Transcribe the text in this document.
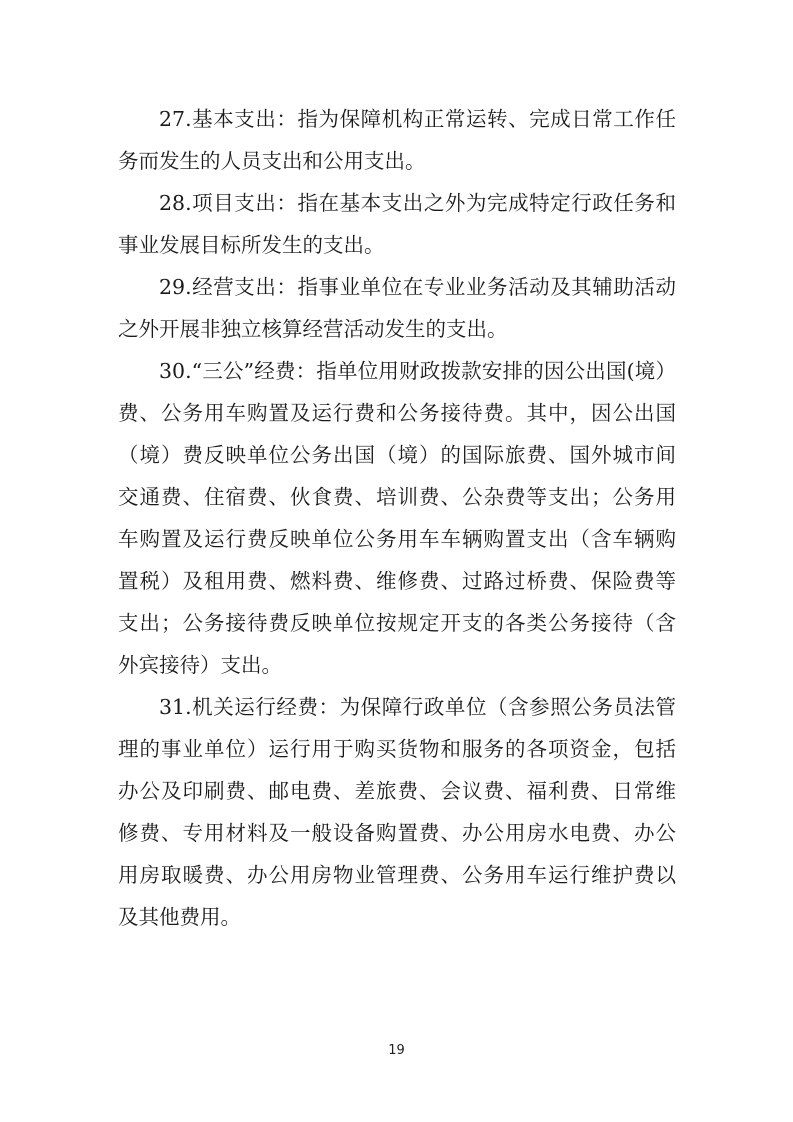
27.基本支出：指为保障机构正常运转、完成日常工作任
务而发生的人员支出和公用支出。
28.项目支出：指在基本支出之外为完成特定行政任务和
事业发展目标所发生的支出。
29.经营支出：指事业单位在专业业务活动及其辅助活动
之外开展非独立核算经营活动发生的支出。
30.“三公”经费：指单位用财政拨款安排的因公出国(境）
费、公务用车购置及运行费和公务接待费。其中，因公出国
（境）费反映单位公务出国（境）的国际旅费、国外城市间
交通费、住宿费、伙食费、培训费、公杂费等支出；公务用
车购置及运行费反映单位公务用车车辆购置支出（含车辆购
置税）及租用费、燃料费、维修费、过路过桥费、保险费等
支出；公务接待费反映单位按规定开支的各类公务接待（含
外宾接待）支出。
31.机关运行经费：为保障行政单位（含参照公务员法管
理的事业单位）运行用于购买货物和服务的各项资金，包括
办公及印刷费、邮电费、差旅费、会议费、福利费、日常维
修费、专用材料及一般设备购置费、办公用房水电费、办公
用房取暖费、办公用房物业管理费、公务用车运行维护费以
及其他费用。
19
